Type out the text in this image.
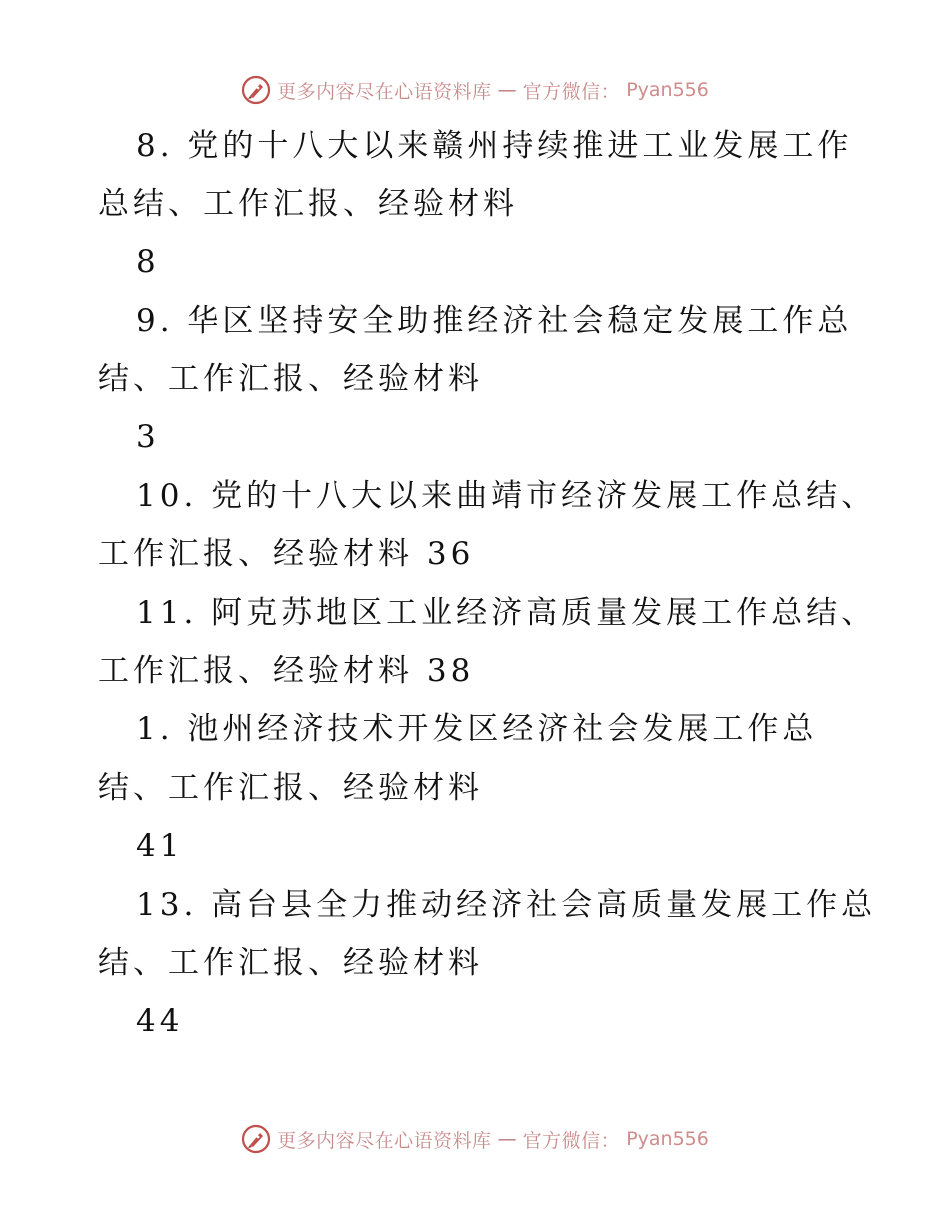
更多内容尽在心语资料库 — 官方微信： Pyan556
8. 党的十八大以来赣州持续推进工业发展工作
总结、工作汇报、经验材料
8
9. 华区坚持安全助推经济社会稳定发展工作总
结、工作汇报、经验材料
3
10. 党的十八大以来曲靖市经济发展工作总结、
工作汇报、经验材料 36
11. 阿克苏地区工业经济高质量发展工作总结、
工作汇报、经验材料 38
1. 池州经济技术开发区经济社会发展工作总
结、工作汇报、经验材料
41
13. 高台县全力推动经济社会高质量发展工作总
结、工作汇报、经验材料
44
更多内容尽在心语资料库 — 官方微信： Pyan556
